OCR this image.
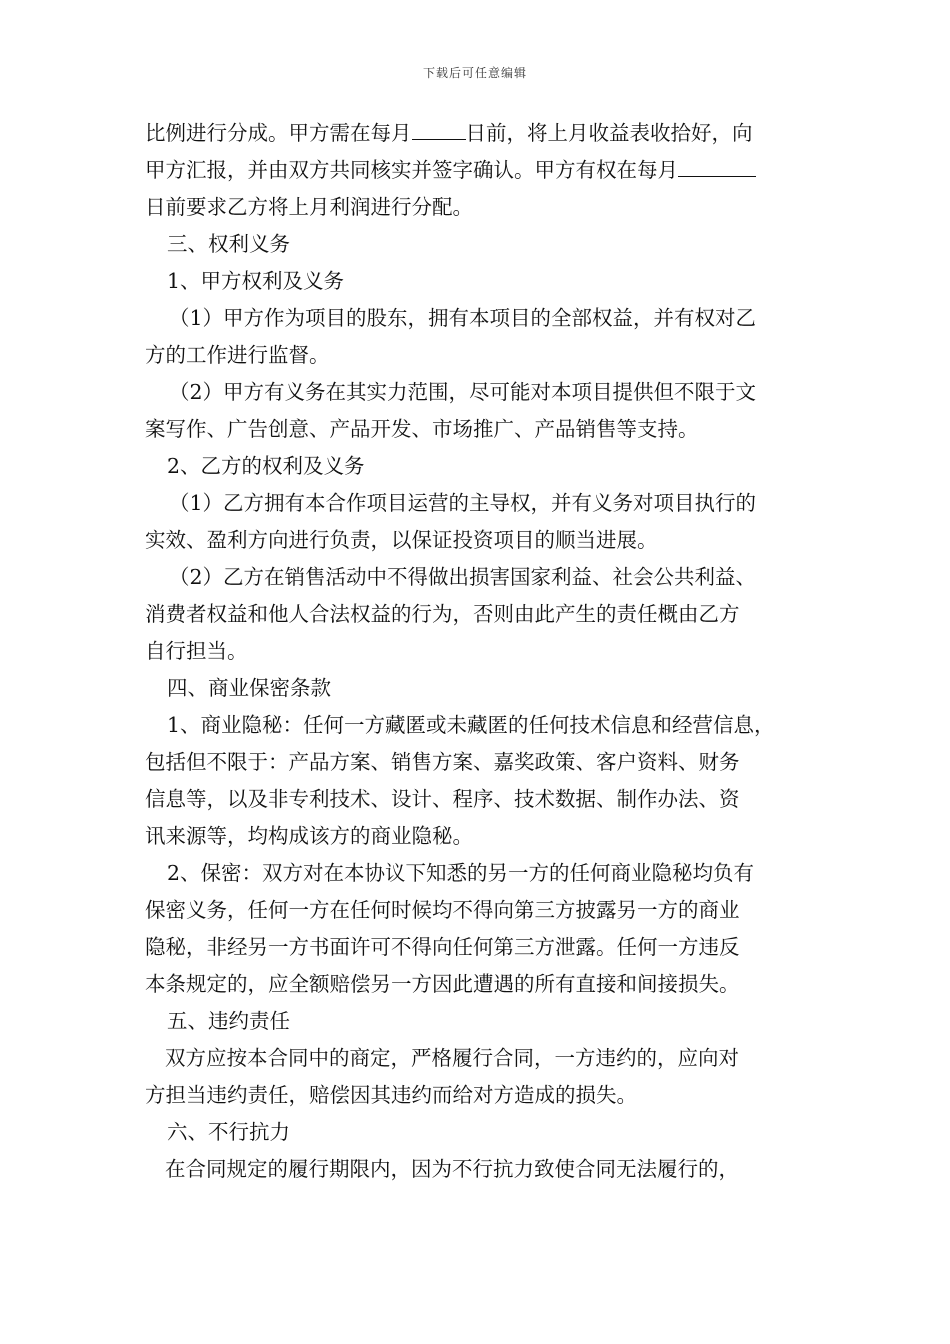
下载后可任意编辑
比例进行分成。甲方需在每月	日前，将上月收益表收拾好，向
甲方汇报，并由双方共同核实并签字确认。甲方有权在每月
日前要求乙方将上月利润进行分配。
三、权利义务
1、甲方权利及义务
（1）甲方作为项目的股东，拥有本项目的全部权益，并有权对乙
方的工作进行监督。
（2）甲方有义务在其实力范围，尽可能对本项目提供但不限于文
案写作、广告创意、产品开发、市场推广、产品销售等支持。
2、乙方的权利及义务
（1）乙方拥有本合作项目运营的主导权，并有义务对项目执行的
实效、盈利方向进行负责，以保证投资项目的顺当进展。
（2）乙方在销售活动中不得做出损害国家利益、社会公共利益、
消费者权益和他人合法权益的行为，否则由此产生的责任概由乙方
自行担当。
四、商业保密条款
1、商业隐秘：任何一方藏匿或未藏匿的任何技术信息和经营信息，
包括但不限于：产品方案、销售方案、嘉奖政策、客户资料、财务
信息等，以及非专利技术、设计、程序、技术数据、制作办法、资
讯来源等，均构成该方的商业隐秘。
2、保密：双方对在本协议下知悉的另一方的任何商业隐秘均负有
保密义务，任何一方在任何时候均不得向第三方披露另一方的商业
隐秘，非经另一方书面许可不得向任何第三方泄露。任何一方违反
本条规定的，应全额赔偿另一方因此遭遇的所有直接和间接损失。
五、违约责任
双方应按本合同中的商定，严格履行合同，一方违约的，应向对
方担当违约责任，赔偿因其违约而给对方造成的损失。
六、不行抗力
在合同规定的履行期限内，因为不行抗力致使合同无法履行的，
